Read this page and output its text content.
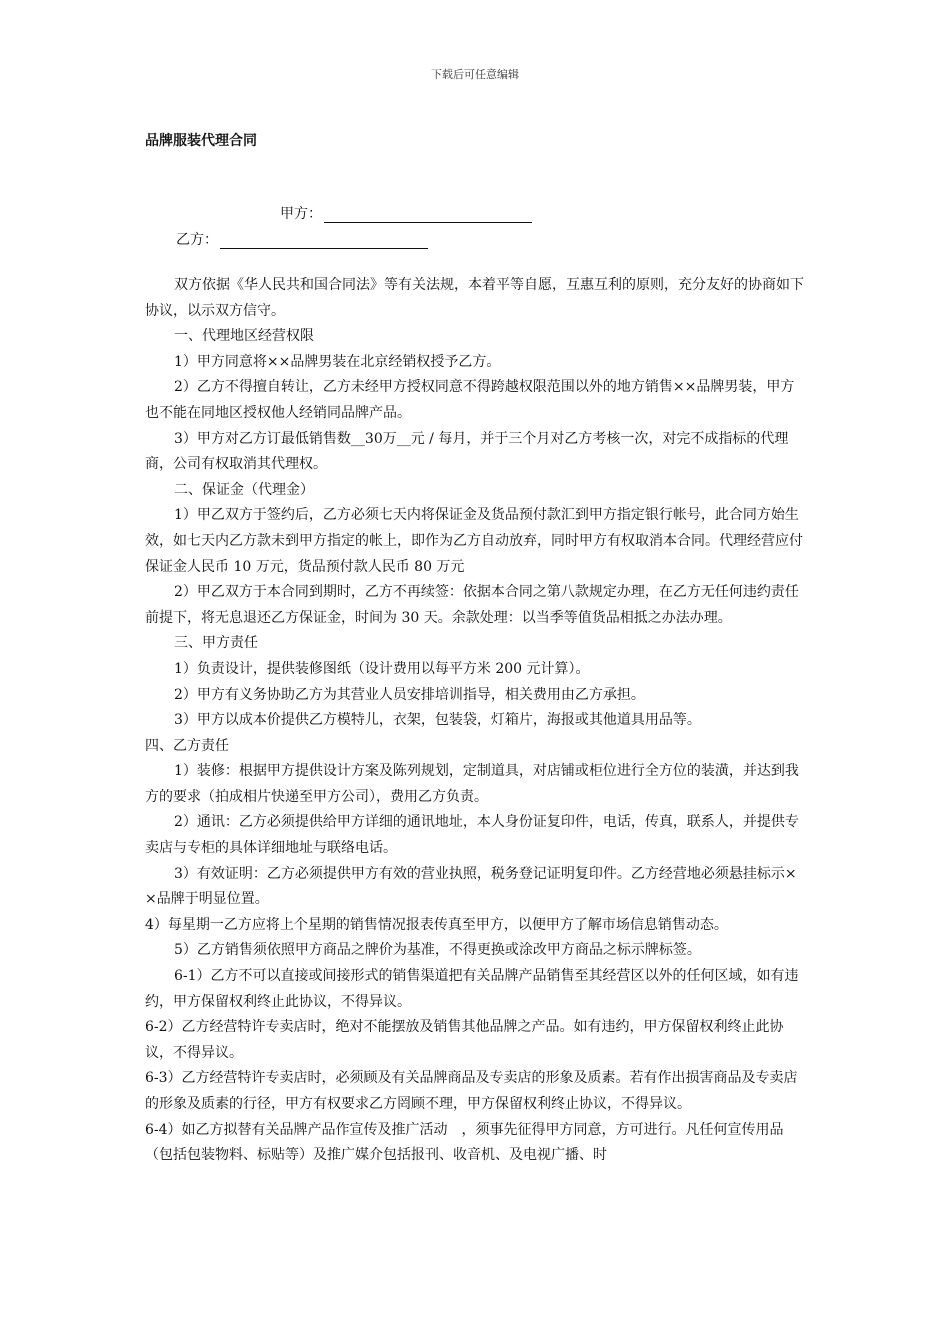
下载后可任意编辑
品牌服装代理合同
甲方：
乙方：

双方依据《华人民共和国合同法》等有关法规，本着平等自愿，互惠互利的原则，充分友好的协商如下协议，以示双方信守。

一、代理地区经营权限

1）甲方同意将××品牌男装在北京经销权授予乙方。

2）乙方不得擅自转让，乙方未经甲方授权同意不得跨越权限范围以外的地方销售××品牌男装，甲方也不能在同地区授权他人经销同品牌产品。

3）甲方对乙方订最低销售数__30万__元 / 每月，并于三个月对乙方考核一次，对完不成指标的代理商，公司有权取消其代理权。

二、保证金（代理金）

1）甲乙双方于签约后，乙方必须七天内将保证金及货品预付款汇到甲方指定银行帐号，此合同方始生效，如七天内乙方款未到甲方指定的帐上，即作为乙方自动放弃，同时甲方有权取消本合同。代理经营应付保证金人民币 10 万元，货品预付款人民币 80 万元

2）甲乙双方于本合同到期时，乙方不再续签：依据本合同之第八款规定办理，在乙方无任何违约责任前提下，将无息退还乙方保证金，时间为 30 天。余款处理：以当季等值货品相抵之办法办理。

三、甲方责任

1）负责设计，提供装修图纸（设计费用以每平方米 200 元计算）。

2）甲方有义务协助乙方为其营业人员安排培训指导，相关费用由乙方承担。

3）甲方以成本价提供乙方模特儿，衣架，包装袋，灯箱片，海报或其他道具用品等。

四、乙方责任

1）装修：根据甲方提供设计方案及陈列规划，定制道具，对店铺或柜位进行全方位的装潢，并达到我方的要求（拍成相片快递至甲方公司），费用乙方负责。

2）通讯：乙方必须提供给甲方详细的通讯地址，本人身份证复印件，电话，传真，联系人，并提供专卖店与专柜的具体详细地址与联络电话。

3）有效证明：乙方必须提供甲方有效的营业执照，税务登记证明复印件。乙方经营地必须悬挂标示××品牌于明显位置。

4）每星期一乙方应将上个星期的销售情况报表传真至甲方，以便甲方了解市场信息销售动态。

5）乙方销售须依照甲方商品之牌价为基准，不得更换或涂改甲方商品之标示牌标签。

6-1）乙方不可以直接或间接形式的销售渠道把有关品牌产品销售至其经营区以外的任何区域，如有违约，甲方保留权利终止此协议，不得异议。

6-2）乙方经营特许专卖店时，绝对不能摆放及销售其他品牌之产品。如有违约，甲方保留权利终止此协议，不得异议。

6-3）乙方经营特许专卖店时，必须顾及有关品牌商品及专卖店的形象及质素。若有作出损害商品及专卖店的形象及质素的行径，甲方有权要求乙方罔顾不理，甲方保留权利终止协议，不得异议。

6-4）如乙方拟替有关品牌产品作宣传及推广活动　，须事先征得甲方同意，方可进行。凡任何宣传用品（包括包装物料、标贴等）及推广媒介包括报刊、收音机、及电视广播、时
